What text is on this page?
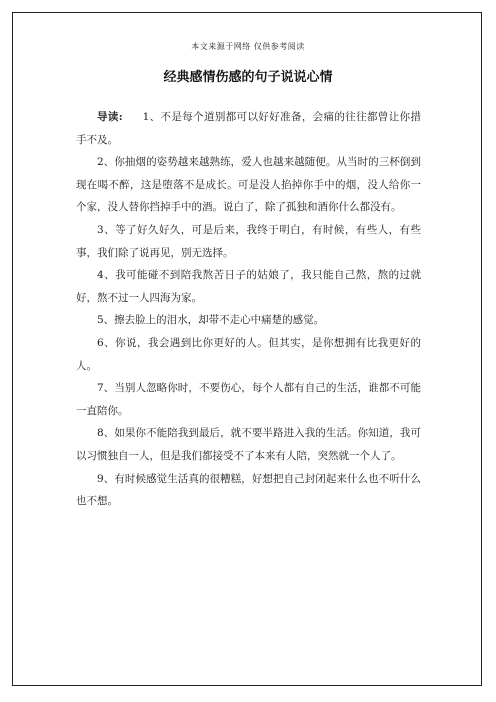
本文来源于网络 仅供参考阅读
经典感情伤感的句子说说心情

导读: 1、不是每个道别都可以好好准备，会痛的往往都曾让你措手不及。

2、你抽烟的姿势越来越熟练，爱人也越来越随便。从当时的三杯倒到现在喝不醉，这是堕落不是成长。可是没人掐掉你手中的烟，没人给你一个家，没人替你挡掉手中的酒。说白了，除了孤独和酒你什么都没有。

3、等了好久好久，可是后来，我终于明白，有时候，有些人，有些事，我们除了说再见，别无选择。

4、我可能碰不到陪我熬苦日子的姑娘了，我只能自己熬，熬的过就好，熬不过一人四海为家。

5、擦去脸上的泪水，却带不走心中痛楚的感觉。

6、你说，我会遇到比你更好的人。但其实，是你想拥有比我更好的人。

7、当别人忽略你时，不要伤心，每个人都有自己的生活，谁都不可能一直陪你。

8、如果你不能陪我到最后，就不要半路进入我的生活。你知道，我可以习惯独自一人，但是我们都接受不了本来有人陪，突然就一个人了。

9、有时候感觉生活真的很糟糕，好想把自己封闭起来什么也不听什么也不想。
